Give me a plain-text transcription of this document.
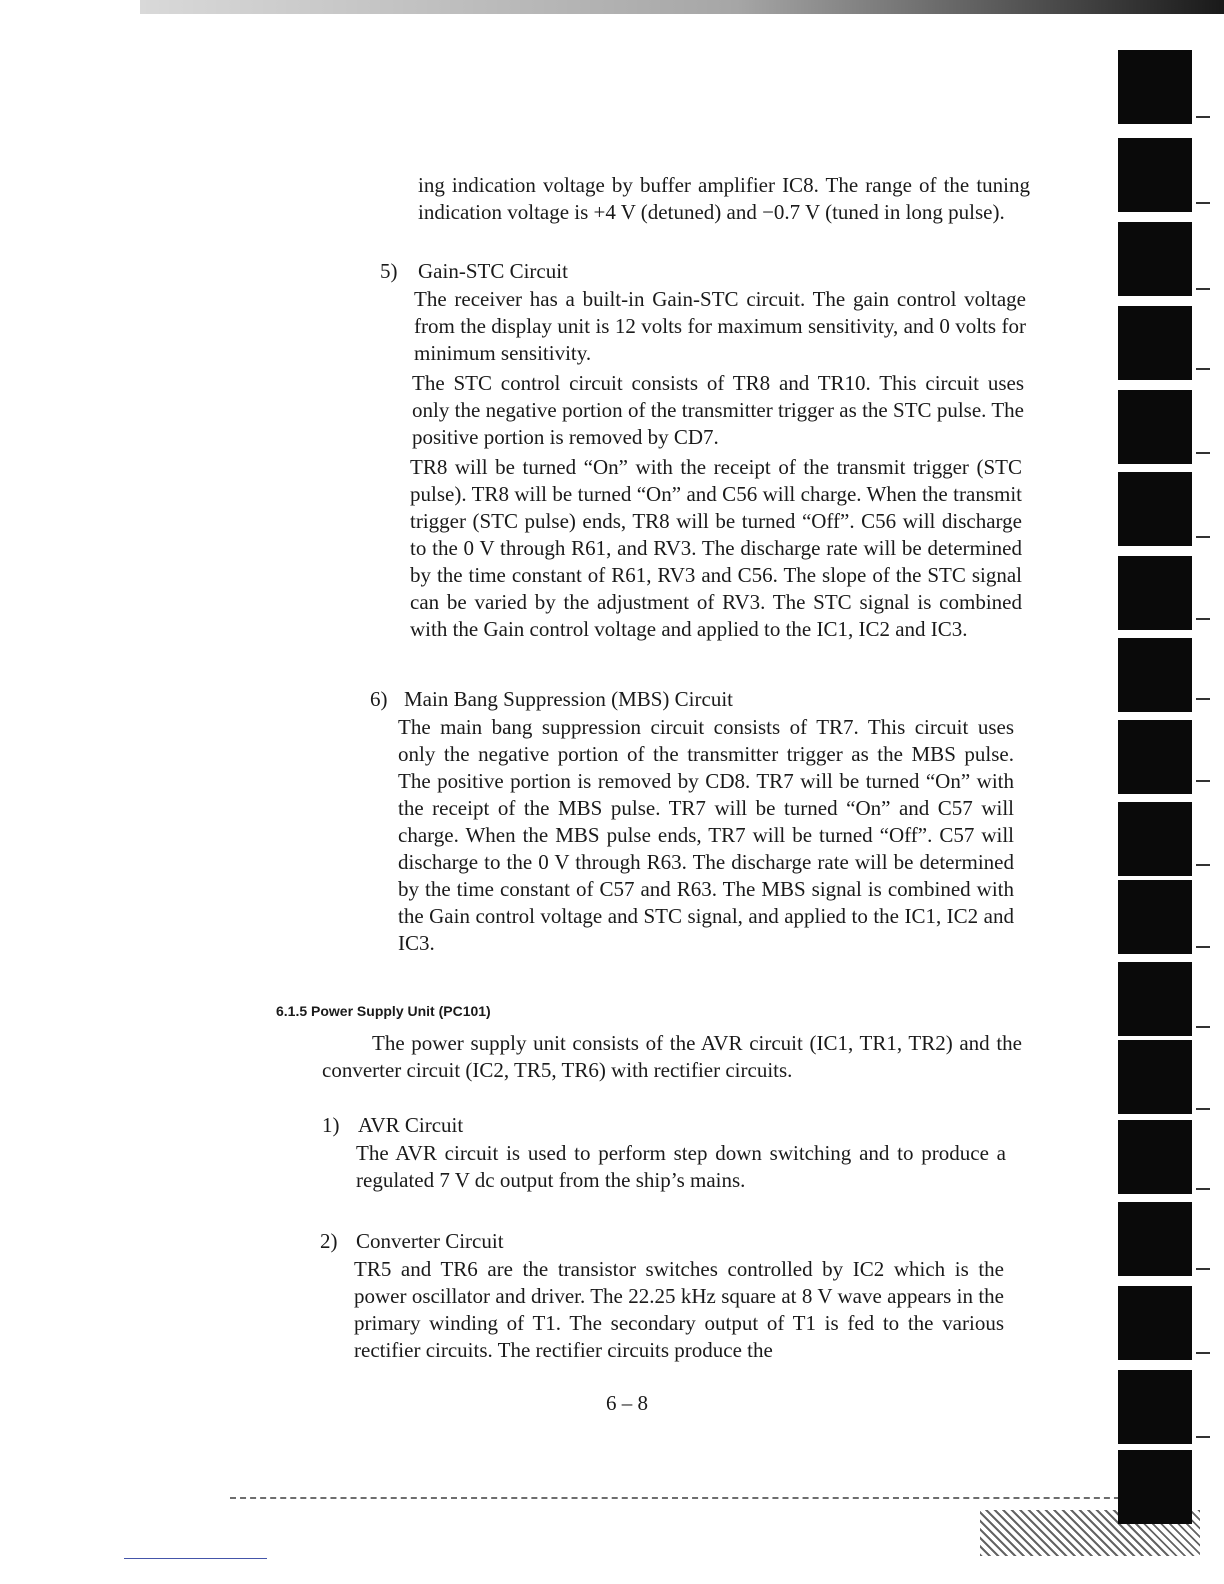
ing indication voltage by buffer amplifier IC8. The range of the tuning indication voltage is +4 V (detuned) and −0.7 V (tuned in long pulse).

5) Gain-STC Circuit

The receiver has a built-in Gain-STC circuit. The gain control voltage from the display unit is 12 volts for maximum sensitivity, and 0 volts for minimum sensitivity.

The STC control circuit consists of TR8 and TR10. This circuit uses only the negative portion of the transmitter trigger as the STC pulse. The positive portion is removed by CD7.

TR8 will be turned “On” with the receipt of the transmit trigger (STC pulse). TR8 will be turned “On” and C56 will charge. When the transmit trigger (STC pulse) ends, TR8 will be turned “Off”. C56 will discharge to the 0 V through R61, and RV3. The discharge rate will be determined by the time constant of R61, RV3 and C56. The slope of the STC signal can be varied by the adjustment of RV3. The STC signal is combined with the Gain control voltage and applied to the IC1, IC2 and IC3.

6) Main Bang Suppression (MBS) Circuit

The main bang suppression circuit consists of TR7. This circuit uses only the negative portion of the transmitter trigger as the MBS pulse. The positive portion is removed by CD8. TR7 will be turned “On” with the receipt of the MBS pulse. TR7 will be turned “On” and C57 will charge. When the MBS pulse ends, TR7 will be turned “Off”. C57 will discharge to the 0 V through R63. The discharge rate will be determined by the time constant of C57 and R63. The MBS signal is combined with the Gain control voltage and STC signal, and applied to the IC1, IC2 and IC3.

6.1.5 Power Supply Unit (PC101)

The power supply unit consists of the AVR circuit (IC1, TR1, TR2) and the converter circuit (IC2, TR5, TR6) with rectifier circuits.

1) AVR Circuit

The AVR circuit is used to perform step down switching and to produce a regulated 7 V dc output from the ship’s mains.

2) Converter Circuit

TR5 and TR6 are the transistor switches controlled by IC2 which is the power oscillator and driver. The 22.25 kHz square at 8 V wave appears in the primary winding of T1. The secondary output of T1 is fed to the various rectifier circuits. The rectifier circuits produce the

6 – 8
